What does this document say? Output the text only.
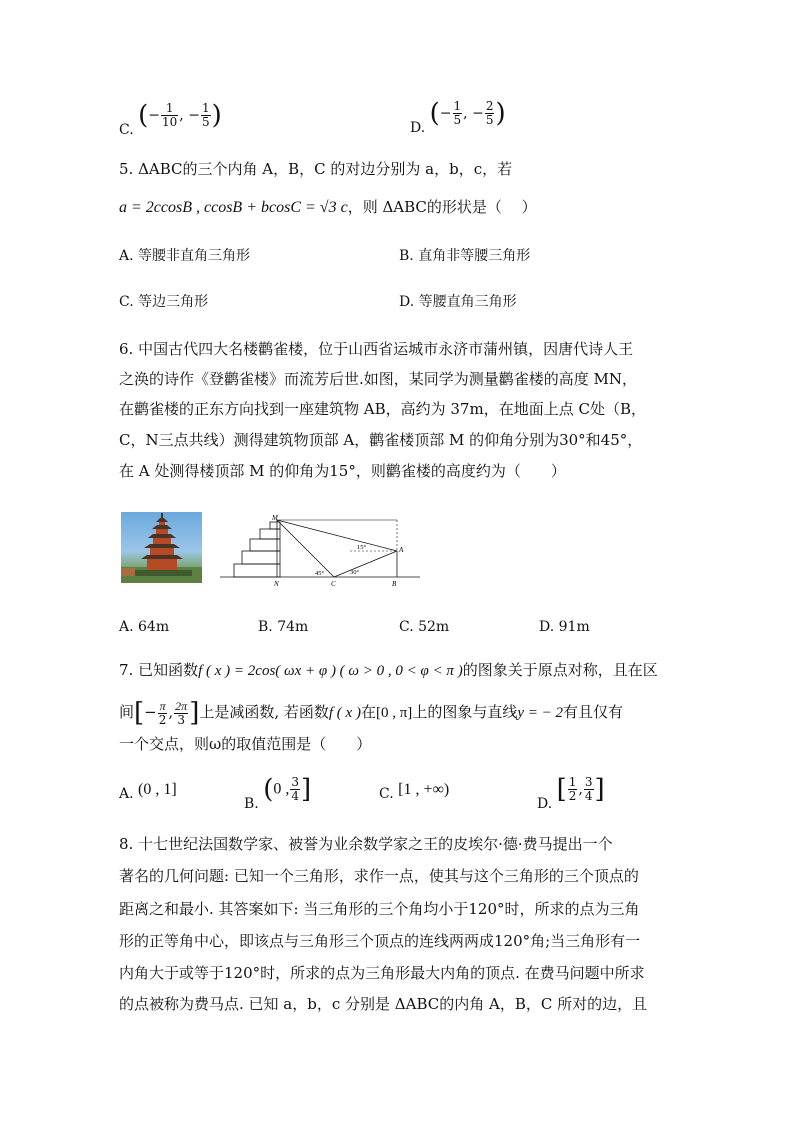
C. (− $\frac{1}{10}$ , − $\frac{1}{5}$ )	D. (− $\frac{1}{5}$ , − $\frac{2}{5}$ )
5. ΔABC的三个内角 A，B，C 的对边分别为 a，b，c，若
a = 2ccosB , ccosB + bcosC = √3 c，则 ΔABC的形状是（　 ）
A. 等腰非直角三角形	B. 直角非等腰三角形
C. 等边三角形	D. 等腰直角三角形
6. 中国古代四大名楼鹳雀楼，位于山西省运城市永济市蒲州镇，因唐代诗人王
之涣的诗作《登鹳雀楼》而流芳后世.如图，某同学为测量鹳雀楼的高度 MN，
在鹳雀楼的正东方向找到一座建筑物 AB，高约为 37m，在地面上点 C处（B，
C，N三点共线）测得建筑物顶部 A，鹳雀楼顶部 M 的仰角分别为30°和45°，
在 A 处测得楼顶部 M 的仰角为15°，则鹳雀楼的高度约为（　　）
M
A
N	C	B
15°
45°	30°
A. 64m	B. 74m	C. 52m	D. 91m
7. 已知函数f ( x ) = 2cos( ωx + φ ) ( ω > 0 , 0 < φ < π )的图象关于原点对称，且在区
间[− $\frac{\pi}{2}$ , $\frac{2\pi}{3}$ ]上是减函数, 若函数f ( x )在[0 , π]上的图象与直线y = − 2有且仅有
一个交点，则ω的取值范围是（　　）
A. (0 , 1]
B. (0 , $\frac{3}{4}$ ]	C. [1 , +∞)
D. [ $\frac{1}{2}$ , $\frac{3}{4}$ ]
8. 十七世纪法国数学家、被誉为业余数学家之王的皮埃尔·德·费马提出一个
著名的几何问题: 已知一个三角形，求作一点，使其与这个三角形的三个顶点的
距离之和最小. 其答案如下: 当三角形的三个角均小于120°时，所求的点为三角
形的正等角中心，即该点与三角形三个顶点的连线两两成120°角;当三角形有一
内角大于或等于120°时，所求的点为三角形最大内角的顶点. 在费马问题中所求
的点被称为费马点. 已知 a，b，c 分别是 ΔABC的内角 A，B，C 所对的边，且
